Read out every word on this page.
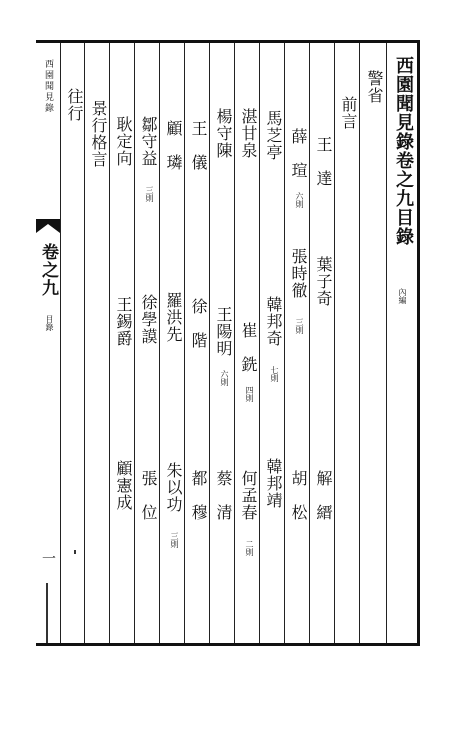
西園聞見錄
卷之九
目錄
一
西園聞見錄卷之九目錄
內編
警省
前言
王　達
葉子奇
解　縉
薛　瑄
六則
張時徹
三則
胡　松
馬芝亭
韓邦奇
七則
韓邦靖
湛甘泉
崔　銑
四則
何孟春
二則
楊守陳
王陽明
六則
蔡　清
王　儀
徐　階
都　穆
顧　璘
羅洪先
朱以功
三則
鄒守益
三則
徐學謨
張　位
耿定向
王錫爵
顧憲成
景行格言
往行
